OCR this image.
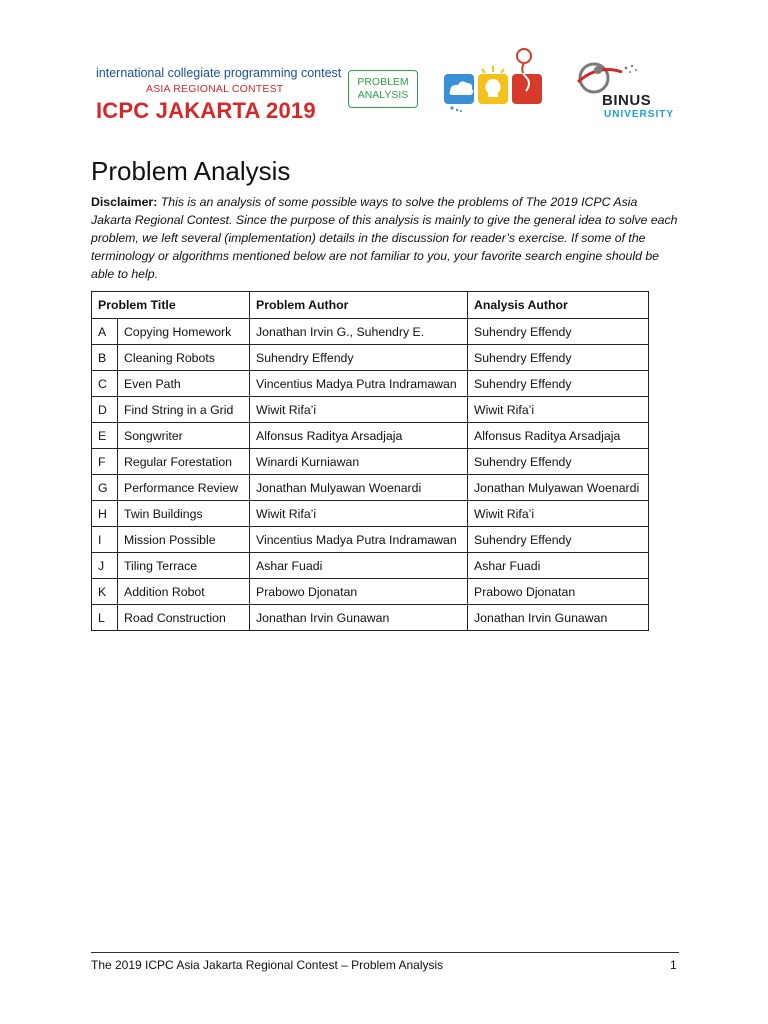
international collegiate programming contest
ASIA REGIONAL CONTEST
ICPC JAKARTA 2019
PROBLEM
ANALYSIS	BINUS
UNIVERSITY
Problem Analysis
Disclaimer: This is an analysis of some possible ways to solve the problems of The 2019 ICPC Asia Jakarta Regional Contest. Since the purpose of this analysis is mainly to give the general idea to solve each problem, we left several (implementation) details in the discussion for reader’s exercise. If some of the terminology or algorithms mentioned below are not familiar to you, your favorite search engine should be able to help.
Problem Title		Problem Author	Analysis Author
A	Copying Homework	Jonathan Irvin G., Suhendry E.	Suhendry Effendy
B	Cleaning Robots	Suhendry Effendy	Suhendry Effendy
C	Even Path	Vincentius Madya Putra Indramawan	Suhendry Effendy
D	Find String in a Grid	Wiwit Rifa’i	Wiwit Rifa’i
E	Songwriter	Alfonsus Raditya Arsadjaja	Alfonsus Raditya Arsadjaja
F	Regular Forestation	Winardi Kurniawan	Suhendry Effendy
G	Performance Review	Jonathan Mulyawan Woenardi	Jonathan Mulyawan Woenardi
H	Twin Buildings	Wiwit Rifa’i	Wiwit Rifa’i
I	Mission Possible	Vincentius Madya Putra Indramawan	Suhendry Effendy
J	Tiling Terrace	Ashar Fuadi	Ashar Fuadi
K	Addition Robot	Prabowo Djonatan	Prabowo Djonatan
L	Road Construction	Jonathan Irvin Gunawan	Jonathan Irvin Gunawan
The 2019 ICPC Asia Jakarta Regional Contest – Problem Analysis	1
